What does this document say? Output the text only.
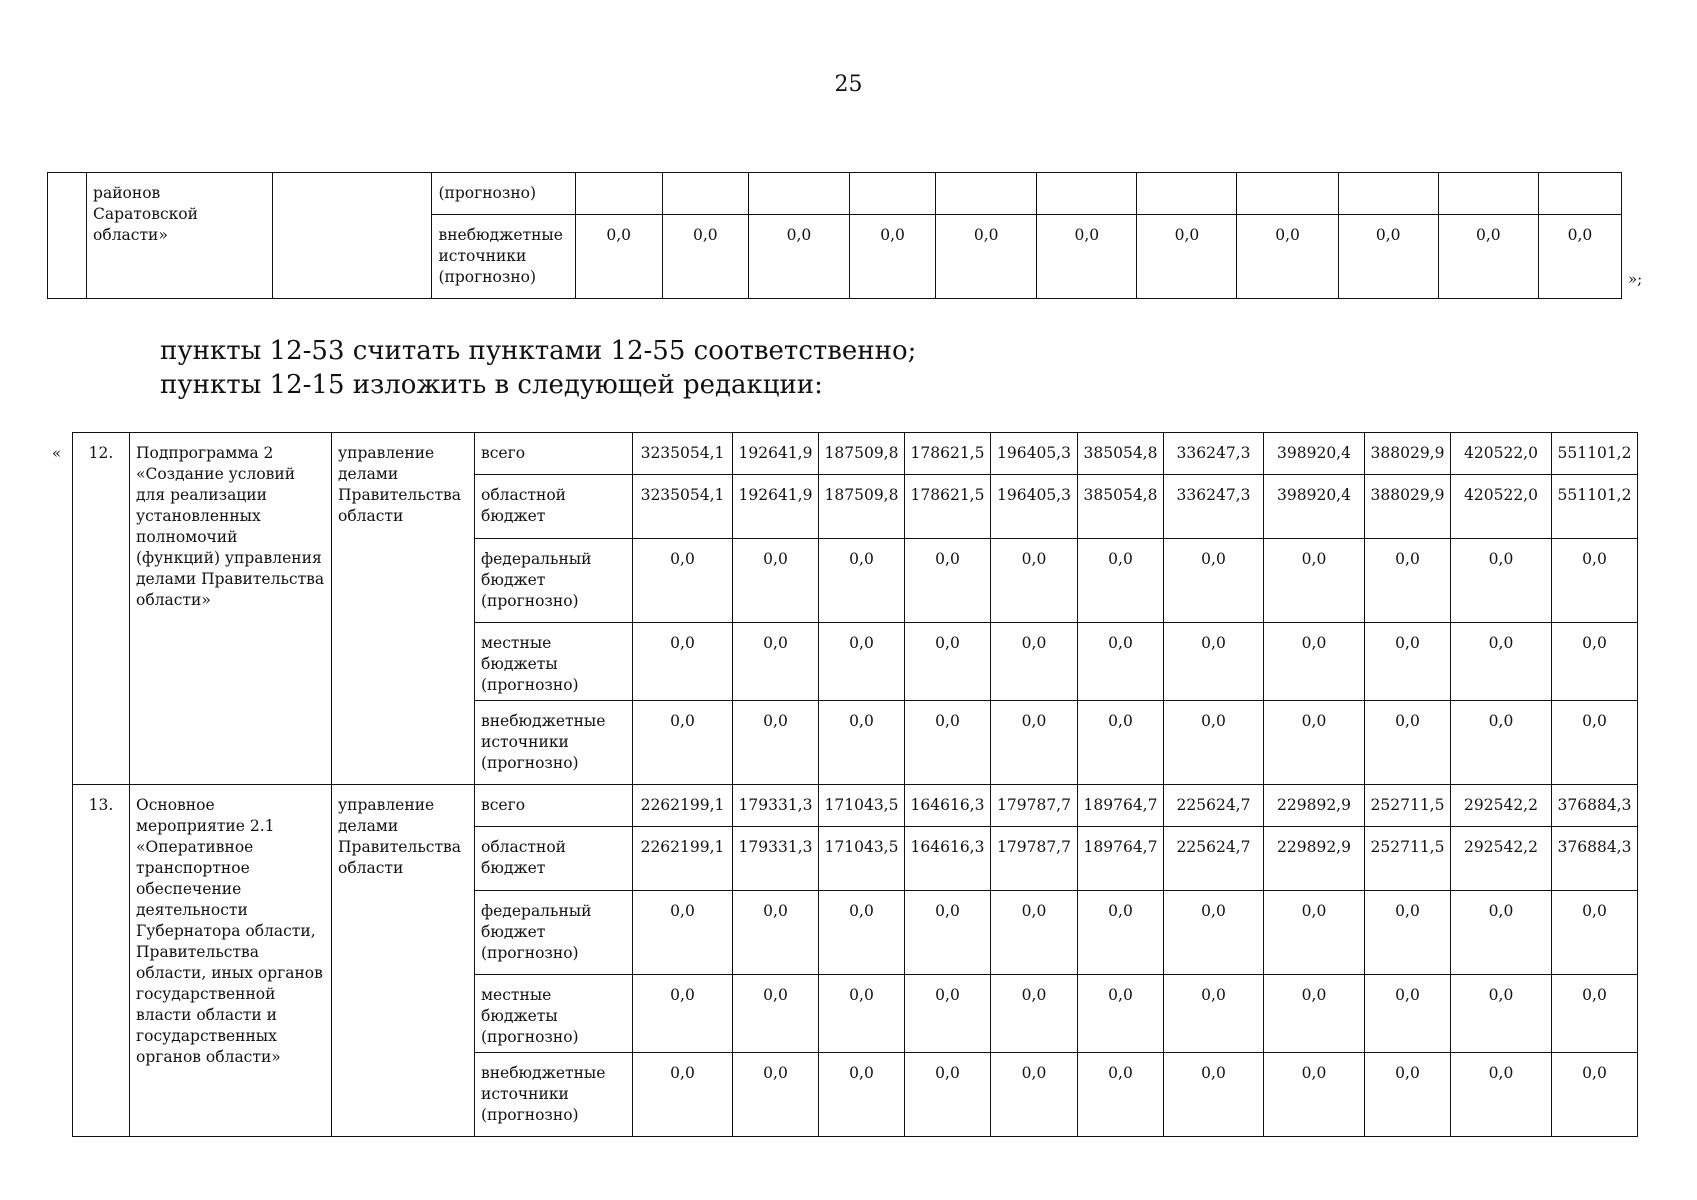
25
	районов Саратовской области»		(прогнозно)											
			внебюджетные источники (прогнозно)	0,0	0,0	0,0	0,0	0,0	0,0	0,0	0,0	0,0	0,0	0,0
»;
пункты 12-53 считать пунктами 12-55 соответственно;
пункты 12-15 изложить в следующей редакции:
« 12.	Подпрограмма 2 «Создание условий для реализации установленных полномочий (функций) управления делами Правительства области»	управление делами Правительства области	всего	3235054,1	192641,9	187509,8	178621,5	196405,3	385054,8	336247,3	398920,4	388029,9	420522,0	551101,2
			областной бюджет	3235054,1	192641,9	187509,8	178621,5	196405,3	385054,8	336247,3	398920,4	388029,9	420522,0	551101,2
			федеральный бюджет (прогнозно)	0,0	0,0	0,0	0,0	0,0	0,0	0,0	0,0	0,0	0,0	0,0
			местные бюджеты (прогнозно)	0,0	0,0	0,0	0,0	0,0	0,0	0,0	0,0	0,0	0,0	0,0
			внебюджетные источники (прогнозно)	0,0	0,0	0,0	0,0	0,0	0,0	0,0	0,0	0,0	0,0	0,0
13.	Основное мероприятие 2.1 «Оперативное транспортное обеспечение деятельности Губернатора области, Правительства области, иных органов государственной власти области и государственных органов области»	управление делами Правительства области	всего	2262199,1	179331,3	171043,5	164616,3	179787,7	189764,7	225624,7	229892,9	252711,5	292542,2	376884,3
			областной бюджет	2262199,1	179331,3	171043,5	164616,3	179787,7	189764,7	225624,7	229892,9	252711,5	292542,2	376884,3
			федеральный бюджет (прогнозно)	0,0	0,0	0,0	0,0	0,0	0,0	0,0	0,0	0,0	0,0	0,0
			местные бюджеты (прогнозно)	0,0	0,0	0,0	0,0	0,0	0,0	0,0	0,0	0,0	0,0	0,0
			внебюджетные источники (прогнозно)	0,0	0,0	0,0	0,0	0,0	0,0	0,0	0,0	0,0	0,0	0,0
